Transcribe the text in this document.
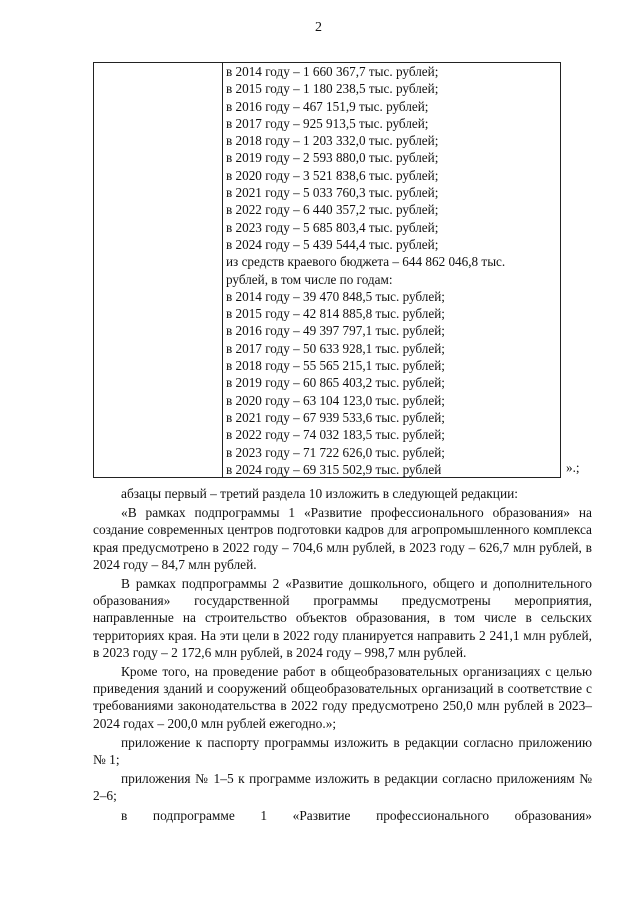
2
в 2014 году – 1 660 367,7 тыс. рублей;
в 2015 году – 1 180 238,5 тыс. рублей;
в 2016 году – 467 151,9 тыс. рублей;
в 2017 году – 925 913,5 тыс. рублей;
в 2018 году – 1 203 332,0 тыс. рублей;
в 2019 году – 2 593 880,0 тыс. рублей;
в 2020 году – 3 521 838,6 тыс. рублей;
в 2021 году – 5 033 760,3 тыс. рублей;
в 2022 году – 6 440 357,2 тыс. рублей;
в 2023 году – 5 685 803,4 тыс. рублей;
в 2024 году – 5 439 544,4 тыс. рублей;
из средств краевого бюджета – 644 862 046,8 тыс.
рублей, в том числе по годам:
в 2014 году – 39 470 848,5 тыс. рублей;
в 2015 году – 42 814 885,8 тыс. рублей;
в 2016 году – 49 397 797,1 тыс. рублей;
в 2017 году – 50 633 928,1 тыс. рублей;
в 2018 году – 55 565 215,1 тыс. рублей;
в 2019 году – 60 865 403,2 тыс. рублей;
в 2020 году – 63 104 123,0 тыс. рублей;
в 2021 году – 67 939 533,6 тыс. рублей;
в 2022 году – 74 032 183,5 тыс. рублей;
в 2023 году – 71 722 626,0 тыс. рублей;
в 2024 году – 69 315 502,9 тыс. рублей	».;

абзацы первый – третий раздела 10 изложить в следующей редакции:

«В рамках подпрограммы 1 «Развитие профессионального образования» на создание современных центров подготовки кадров для агропромышленного комплекса края предусмотрено в 2022 году – 704,6 млн рублей, в 2023 году – 626,7 млн рублей, в 2024 году – 84,7 млн рублей.

В рамках подпрограммы 2 «Развитие дошкольного, общего и дополнительного образования» государственной программы предусмотрены мероприятия, направленные на строительство объектов образования, в том числе в сельских территориях края. На эти цели в 2022 году планируется направить 2 241,1 млн рублей, в 2023 году – 2 172,6 млн рублей, в 2024 году – 998,7 млн рублей.

Кроме того, на проведение работ в общеобразовательных организациях с целью приведения зданий и сооружений общеобразовательных организаций в соответствие с требованиями законодательства в 2022 году предусмотрено 250,0 млн рублей в 2023–2024 годах – 200,0 млн рублей ежегодно.»;

приложение к паспорту программы изложить в редакции согласно приложению № 1;

приложения № 1–5 к программе изложить в редакции согласно приложениям № 2–6;

в подпрограмме 1 «Развитие профессионального образования»
